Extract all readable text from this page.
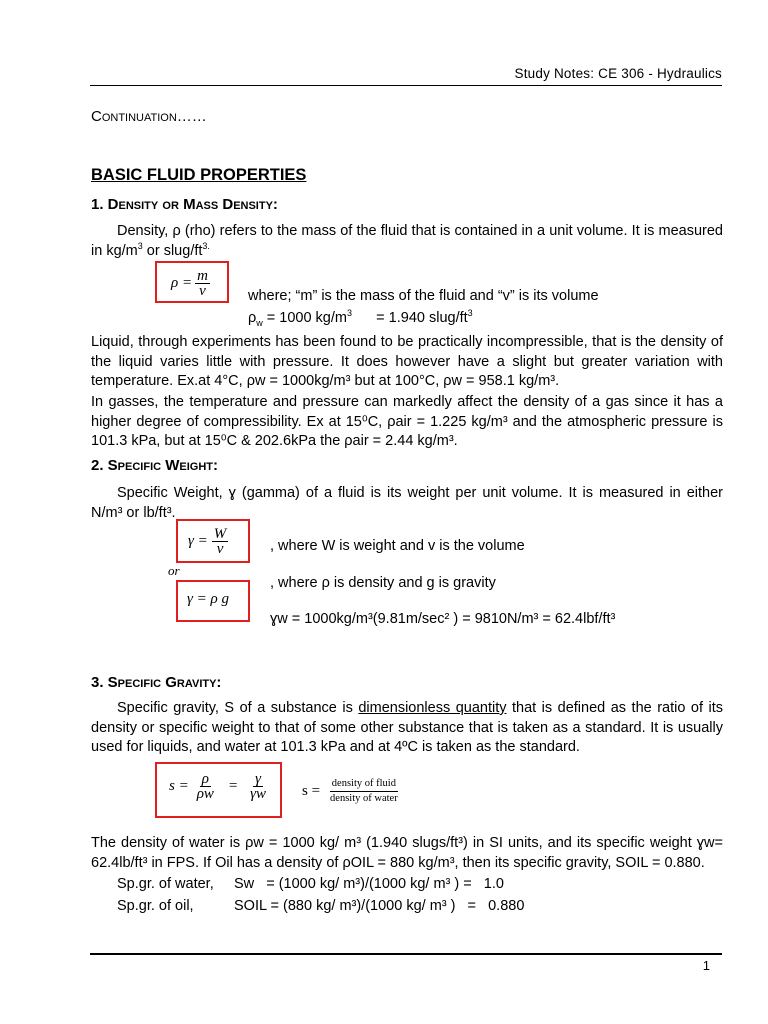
Study Notes: CE 306 - Hydraulics
Continuation……
BASIC FLUID PROPERTIES
1. Density or Mass Density:
Density, ρ (rho) refers to the mass of the fluid that is contained in a unit volume. It is measured in $kg/m^3$ or slug/$ft^{3.}$
$\rho = \frac{m}{v}$	where; “m” is the mass of the fluid and “v” is its volume
$\rho_w = 1000$ $kg/m^3$      = 1.940 slug/$ft^3$
Liquid, through experiments has been found to be practically incompressible, that is the density of the liquid varies little with pressure. It does however have a slight but greater variation with temperature. Ex.at 4°C, ρw = 1000kg/m³ but at 100°C, ρw = 958.1 kg/m³.
In gasses, the temperature and pressure can markedly affect the density of a gas since it has a higher degree of compressibility. Ex at 15⁰C, ρair = 1.225 kg/m³ and the atmospheric pressure is 101.3 kPa, but at 15⁰C & 202.6kPa the ρair = 2.44 kg/m³.
2. Specific Weight:
Specific Weight, ɣ (gamma) of a fluid is its weight per unit volume. It is measured in either N/m³ or lb/ft³.
$\gamma = \frac{W}{v}$	, where W is weight and v is the volume
or
γ = ρ g
, where ρ is density and g is gravity
ɣw = 1000kg/m³(9.81m/sec² ) = 9810N/m³ = 62.4lbf/ft³
3. Specific Gravity:
Specific gravity, S of a substance is dimensionless quantity that is defined as the ratio of its density or specific weight to that of some other substance that is taken as a standard. It is usually used for liquids, and water at 101.3 kPa and at 4ºC is taken as the standard.
$s = \frac{\rho}{\rho w} = \frac{\gamma}{\gamma w}$ $s = \frac{\text{density of fluid}}{\text{density of water}}$
The density of water is ρw = 1000 kg/ m³ (1.940 slugs/ft³) in SI units, and its specific weight ɣw= 62.4lb/ft³ in FPS. If Oil has a density of ρOIL = 880 kg/m³, then its specific gravity, SOIL = 0.880.
Sp.gr. of water, Sw   = (1000 kg/ m³)/(1000 kg/ m³ ) =   1.0
Sp.gr. of oil,	SOIL = (880 kg/ m³)/(1000 kg/ m³ )   =   0.880
1
